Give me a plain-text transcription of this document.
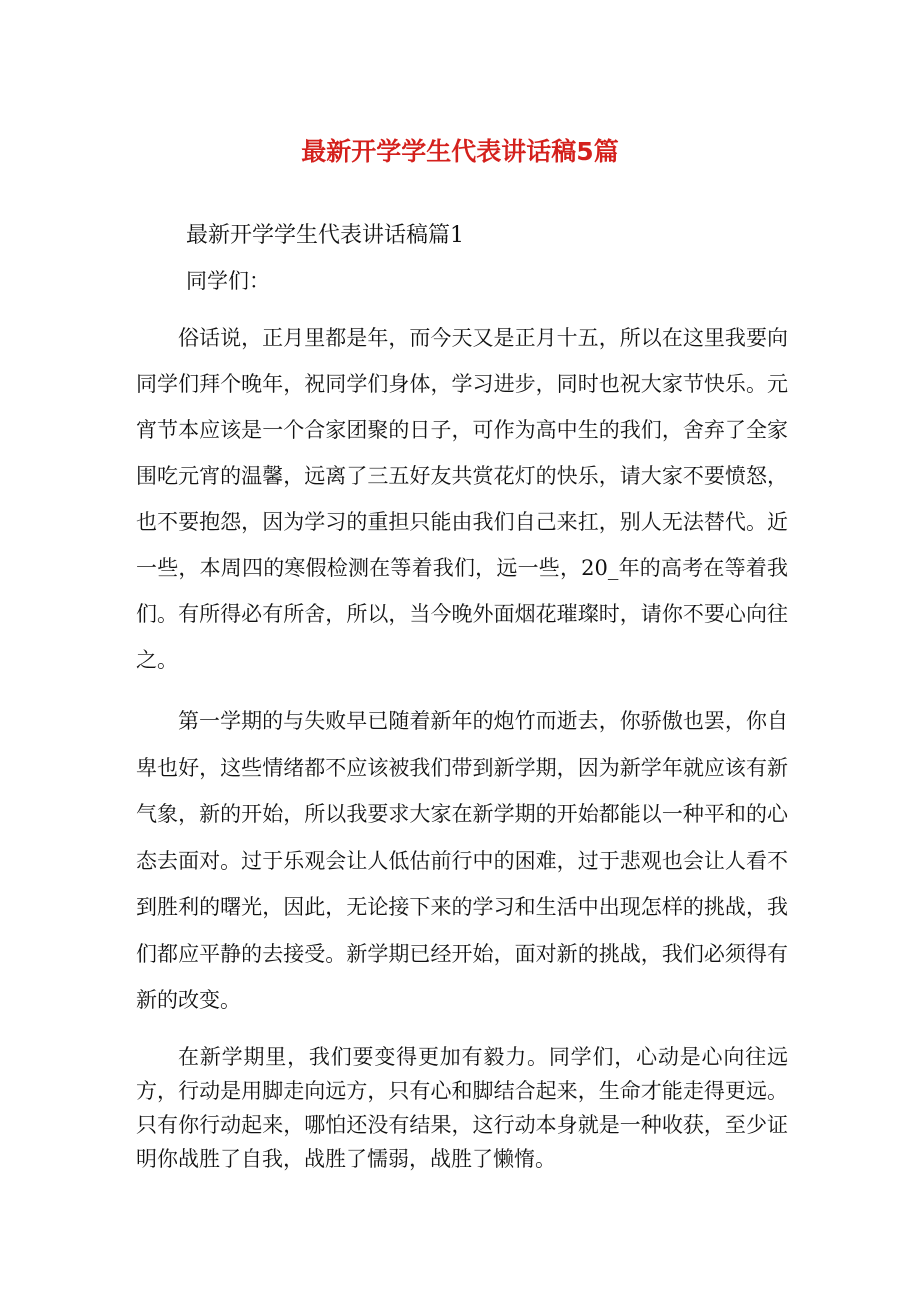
最新开学学生代表讲话稿5篇

最新开学学生代表讲话稿篇1

同学们：

俗话说，正月里都是年，而今天又是正月十五，所以在这里我要向同学们拜个晚年，祝同学们身体，学习进步，同时也祝大家节快乐。元宵节本应该是一个合家团聚的日子，可作为高中生的我们，舍弃了全家围吃元宵的温馨，远离了三五好友共赏花灯的快乐，请大家不要愤怒，也不要抱怨，因为学习的重担只能由我们自己来扛，别人无法替代。近一些，本周四的寒假检测在等着我们，远一些，20_年的高考在等着我们。有所得必有所舍，所以，当今晚外面烟花璀璨时，请你不要心向往之。

第一学期的与失败早已随着新年的炮竹而逝去，你骄傲也罢，你自卑也好，这些情绪都不应该被我们带到新学期，因为新学年就应该有新气象，新的开始，所以我要求大家在新学期的开始都能以一种平和的心态去面对。过于乐观会让人低估前行中的困难，过于悲观也会让人看不到胜利的曙光，因此，无论接下来的学习和生活中出现怎样的挑战，我们都应平静的去接受。新学期已经开始，面对新的挑战，我们必须得有新的改变。

在新学期里，我们要变得更加有毅力。同学们，心动是心向往远方，行动是用脚走向远方，只有心和脚结合起来，生命才能走得更远。只有你行动起来，哪怕还没有结果，这行动本身就是一种收获，至少证明你战胜了自我，战胜了懦弱，战胜了懒惰。
